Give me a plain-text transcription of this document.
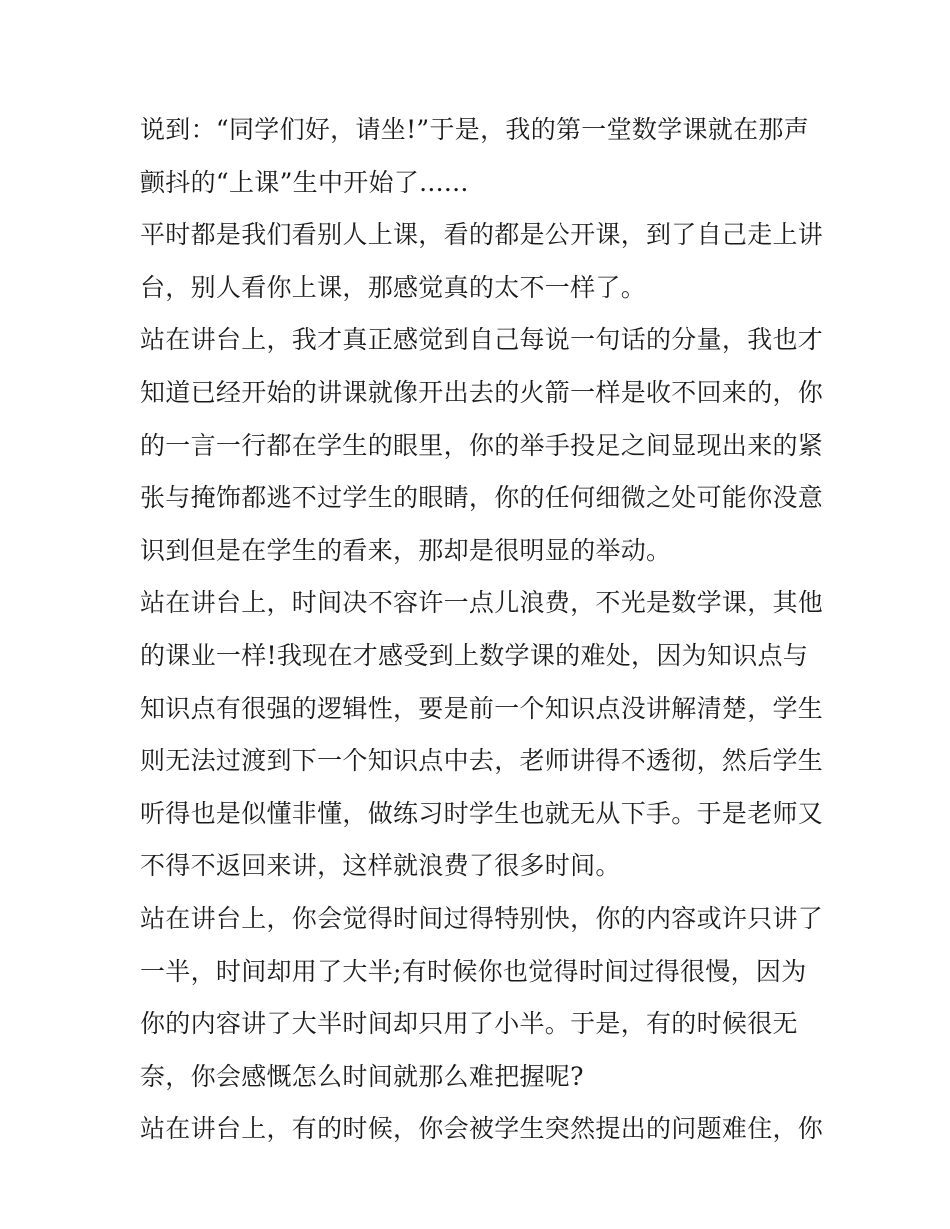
说到：“同学们好，请坐!”于是，我的第一堂数学课就在那声
颤抖的“上课”生中开始了......
平时都是我们看别人上课，看的都是公开课，到了自己走上讲
台，别人看你上课，那感觉真的太不一样了。
站在讲台上，我才真正感觉到自己每说一句话的分量，我也才
知道已经开始的讲课就像开出去的火箭一样是收不回来的，你
的一言一行都在学生的眼里，你的举手投足之间显现出来的紧
张与掩饰都逃不过学生的眼睛，你的任何细微之处可能你没意
识到但是在学生的看来，那却是很明显的举动。
站在讲台上，时间决不容许一点儿浪费，不光是数学课，其他
的课业一样!我现在才感受到上数学课的难处，因为知识点与
知识点有很强的逻辑性，要是前一个知识点没讲解清楚，学生
则无法过渡到下一个知识点中去，老师讲得不透彻，然后学生
听得也是似懂非懂，做练习时学生也就无从下手。于是老师又
不得不返回来讲，这样就浪费了很多时间。
站在讲台上，你会觉得时间过得特别快，你的内容或许只讲了
一半，时间却用了大半;有时候你也觉得时间过得很慢，因为
你的内容讲了大半时间却只用了小半。于是，有的时候很无
奈，你会感慨怎么时间就那么难把握呢?
站在讲台上，有的时候，你会被学生突然提出的问题难住，你
